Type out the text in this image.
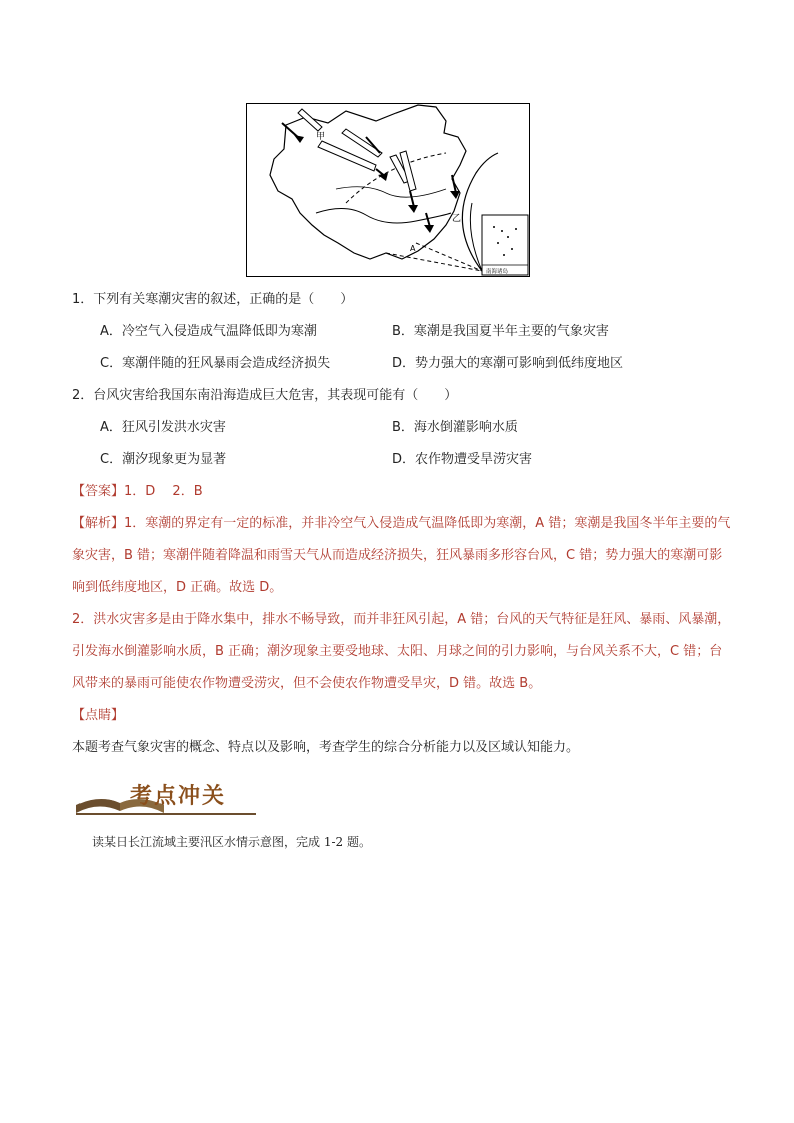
甲
乙
A
南海诸岛
1．下列有关寒潮灾害的叙述，正确的是（　　）
A．冷空气入侵造成气温降低即为寒潮	B．寒潮是我国夏半年主要的气象灾害
C．寒潮伴随的狂风暴雨会造成经济损失	D．势力强大的寒潮可影响到低纬度地区
2．台风灾害给我国东南沿海造成巨大危害，其表现可能有（　　）
A．狂风引发洪水灾害	B．海水倒灌影响水质
C．潮汐现象更为显著	D．农作物遭受旱涝灾害
【答案】1．D　 2．B
【解析】1．寒潮的界定有一定的标准，并非冷空气入侵造成气温降低即为寒潮，A 错；寒潮是我国冬半年主要的气象灾害，B 错；寒潮伴随着降温和雨雪天气从而造成经济损失，狂风暴雨多形容台风，C 错；势力强大的寒潮可影响到低纬度地区，D 正确。故选 D。
2．洪水灾害多是由于降水集中，排水不畅导致，而并非狂风引起，A 错；台风的天气特征是狂风、暴雨、风暴潮，引发海水倒灌影响水质，B 正确；潮汐现象主要受地球、太阳、月球之间的引力影响，与台风关系不大，C 错；台风带来的暴雨可能使农作物遭受涝灾，但不会使农作物遭受旱灾，D 错。故选 B。
【点睛】
本题考查气象灾害的概念、特点以及影响，考查学生的综合分析能力以及区域认知能力。
考点冲关
读某日长江流域主要汛区水情示意图，完成 1-2 题。
